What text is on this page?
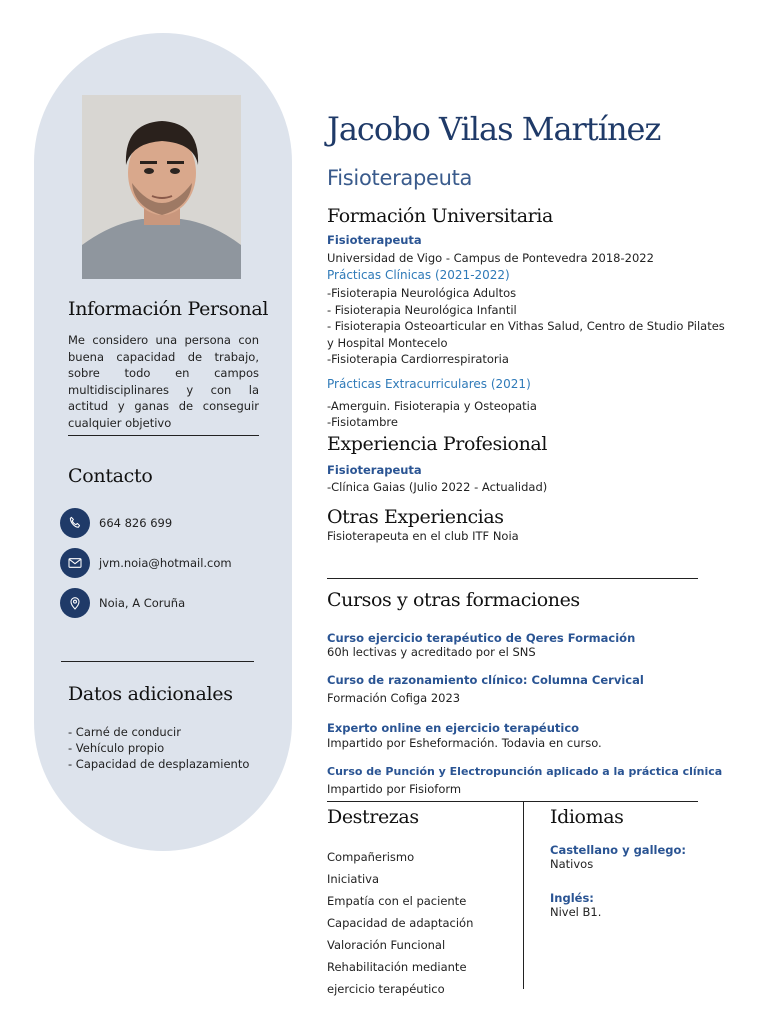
Información Personal
Me considero una persona con buena capacidad de trabajo, sobre todo en campos multidisciplinares y con la actitud y ganas de conseguir cualquier objetivo
Contacto
664 826 699
jvm.noia@hotmail.com
Noia, A Coruña
Datos adicionales
- Carné de conducir
- Vehículo propio
- Capacidad de desplazamiento
Jacobo Vilas Martínez
Fisioterapeuta
Formación Universitaria
Fisioterapeuta
Universidad de Vigo - Campus de Pontevedra 2018-2022
Prácticas Clínicas (2021-2022)
-Fisioterapia Neurológica Adultos
- Fisioterapia Neurológica Infantil
- Fisioterapia Osteoarticular en Vithas Salud, Centro de Studio Pilates
y Hospital Montecelo
-Fisioterapia Cardiorrespiratoria
Prácticas Extracurriculares (2021)
-Amerguin. Fisioterapia y Osteopatia
-Fisiotambre
Experiencia Profesional
Fisioterapeuta
-Clínica Gaias (Julio 2022 - Actualidad)
Otras Experiencias
Fisioterapeuta en el club ITF Noia
Cursos y otras formaciones
Curso ejercicio terapéutico de Qeres Formación
60h lectivas y acreditado por el SNS
Curso de razonamiento clínico: Columna Cervical
Formación Cofiga 2023
Experto online en ejercicio terapéutico
Impartido por Esheformación. Todavia en curso.
Curso de Punción y Electropunción aplicado a la práctica clínica
Impartido por Fisioform
Destrezas
Compañerismo
Iniciativa
Empatía con el paciente
Capacidad de adaptación
Valoración Funcional
Rehabilitación mediante
ejercicio terapéutico
Idiomas
Castellano y gallego:
Nativos
Inglés:
Nivel B1.
